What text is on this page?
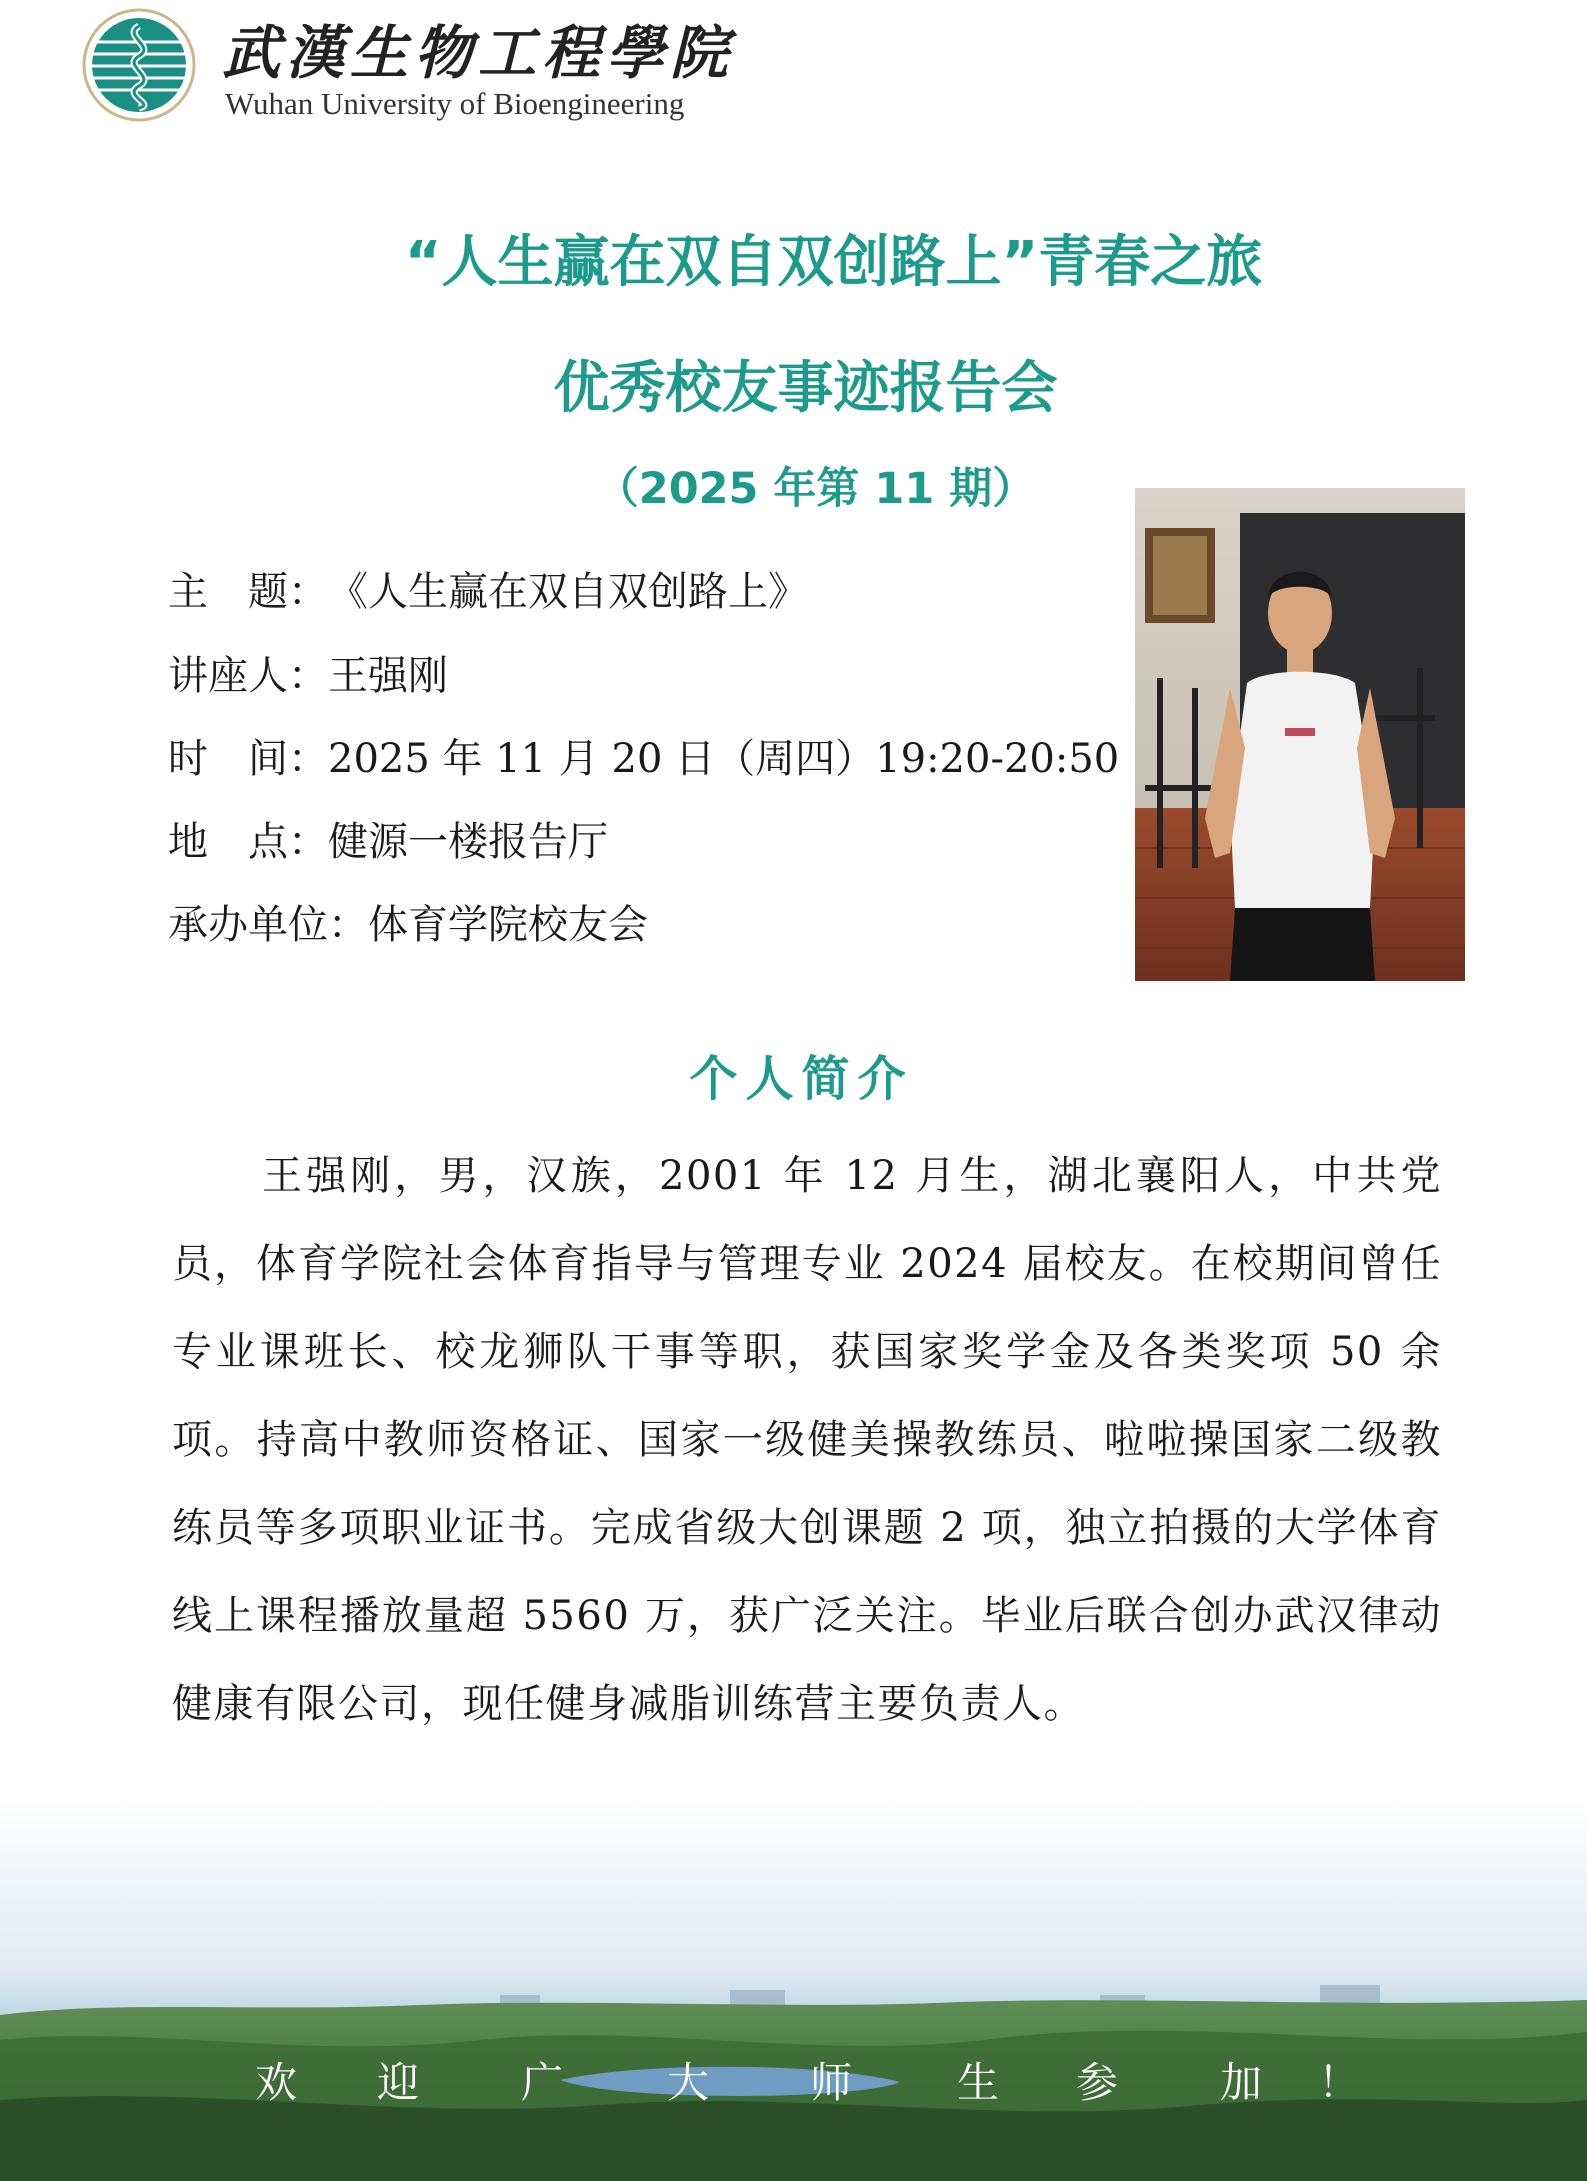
武漢生物工程學院
Wuhan University of Bioengineering
“人生赢在双自双创路上”青春之旅
优秀校友事迹报告会
（2025 年第 11 期）
主　题：《人生赢在双自双创路上》
讲座人：王强刚
时　间：2025 年 11 月 20 日（周四）19:20-20:50
地　点：健源一楼报告厅
承办单位：体育学院校友会
个人简介
王强刚，男，汉族，2001 年 12 月生，湖北襄阳人，中共党员，体育学院社会体育指导与管理专业 2024 届校友。在校期间曾任专业课班长、校龙狮队干事等职，获国家奖学金及各类奖项 50 余项。持高中教师资格证、国家一级健美操教练员、啦啦操国家二级教练员等多项职业证书。完成省级大创课题 2 项，独立拍摄的大学体育线上课程播放量超 5560 万，获广泛关注。毕业后联合创办武汉律动健康有限公司，现任健身减脂训练营主要负责人。
欢 迎 广 大 师 生 参 加 ！
